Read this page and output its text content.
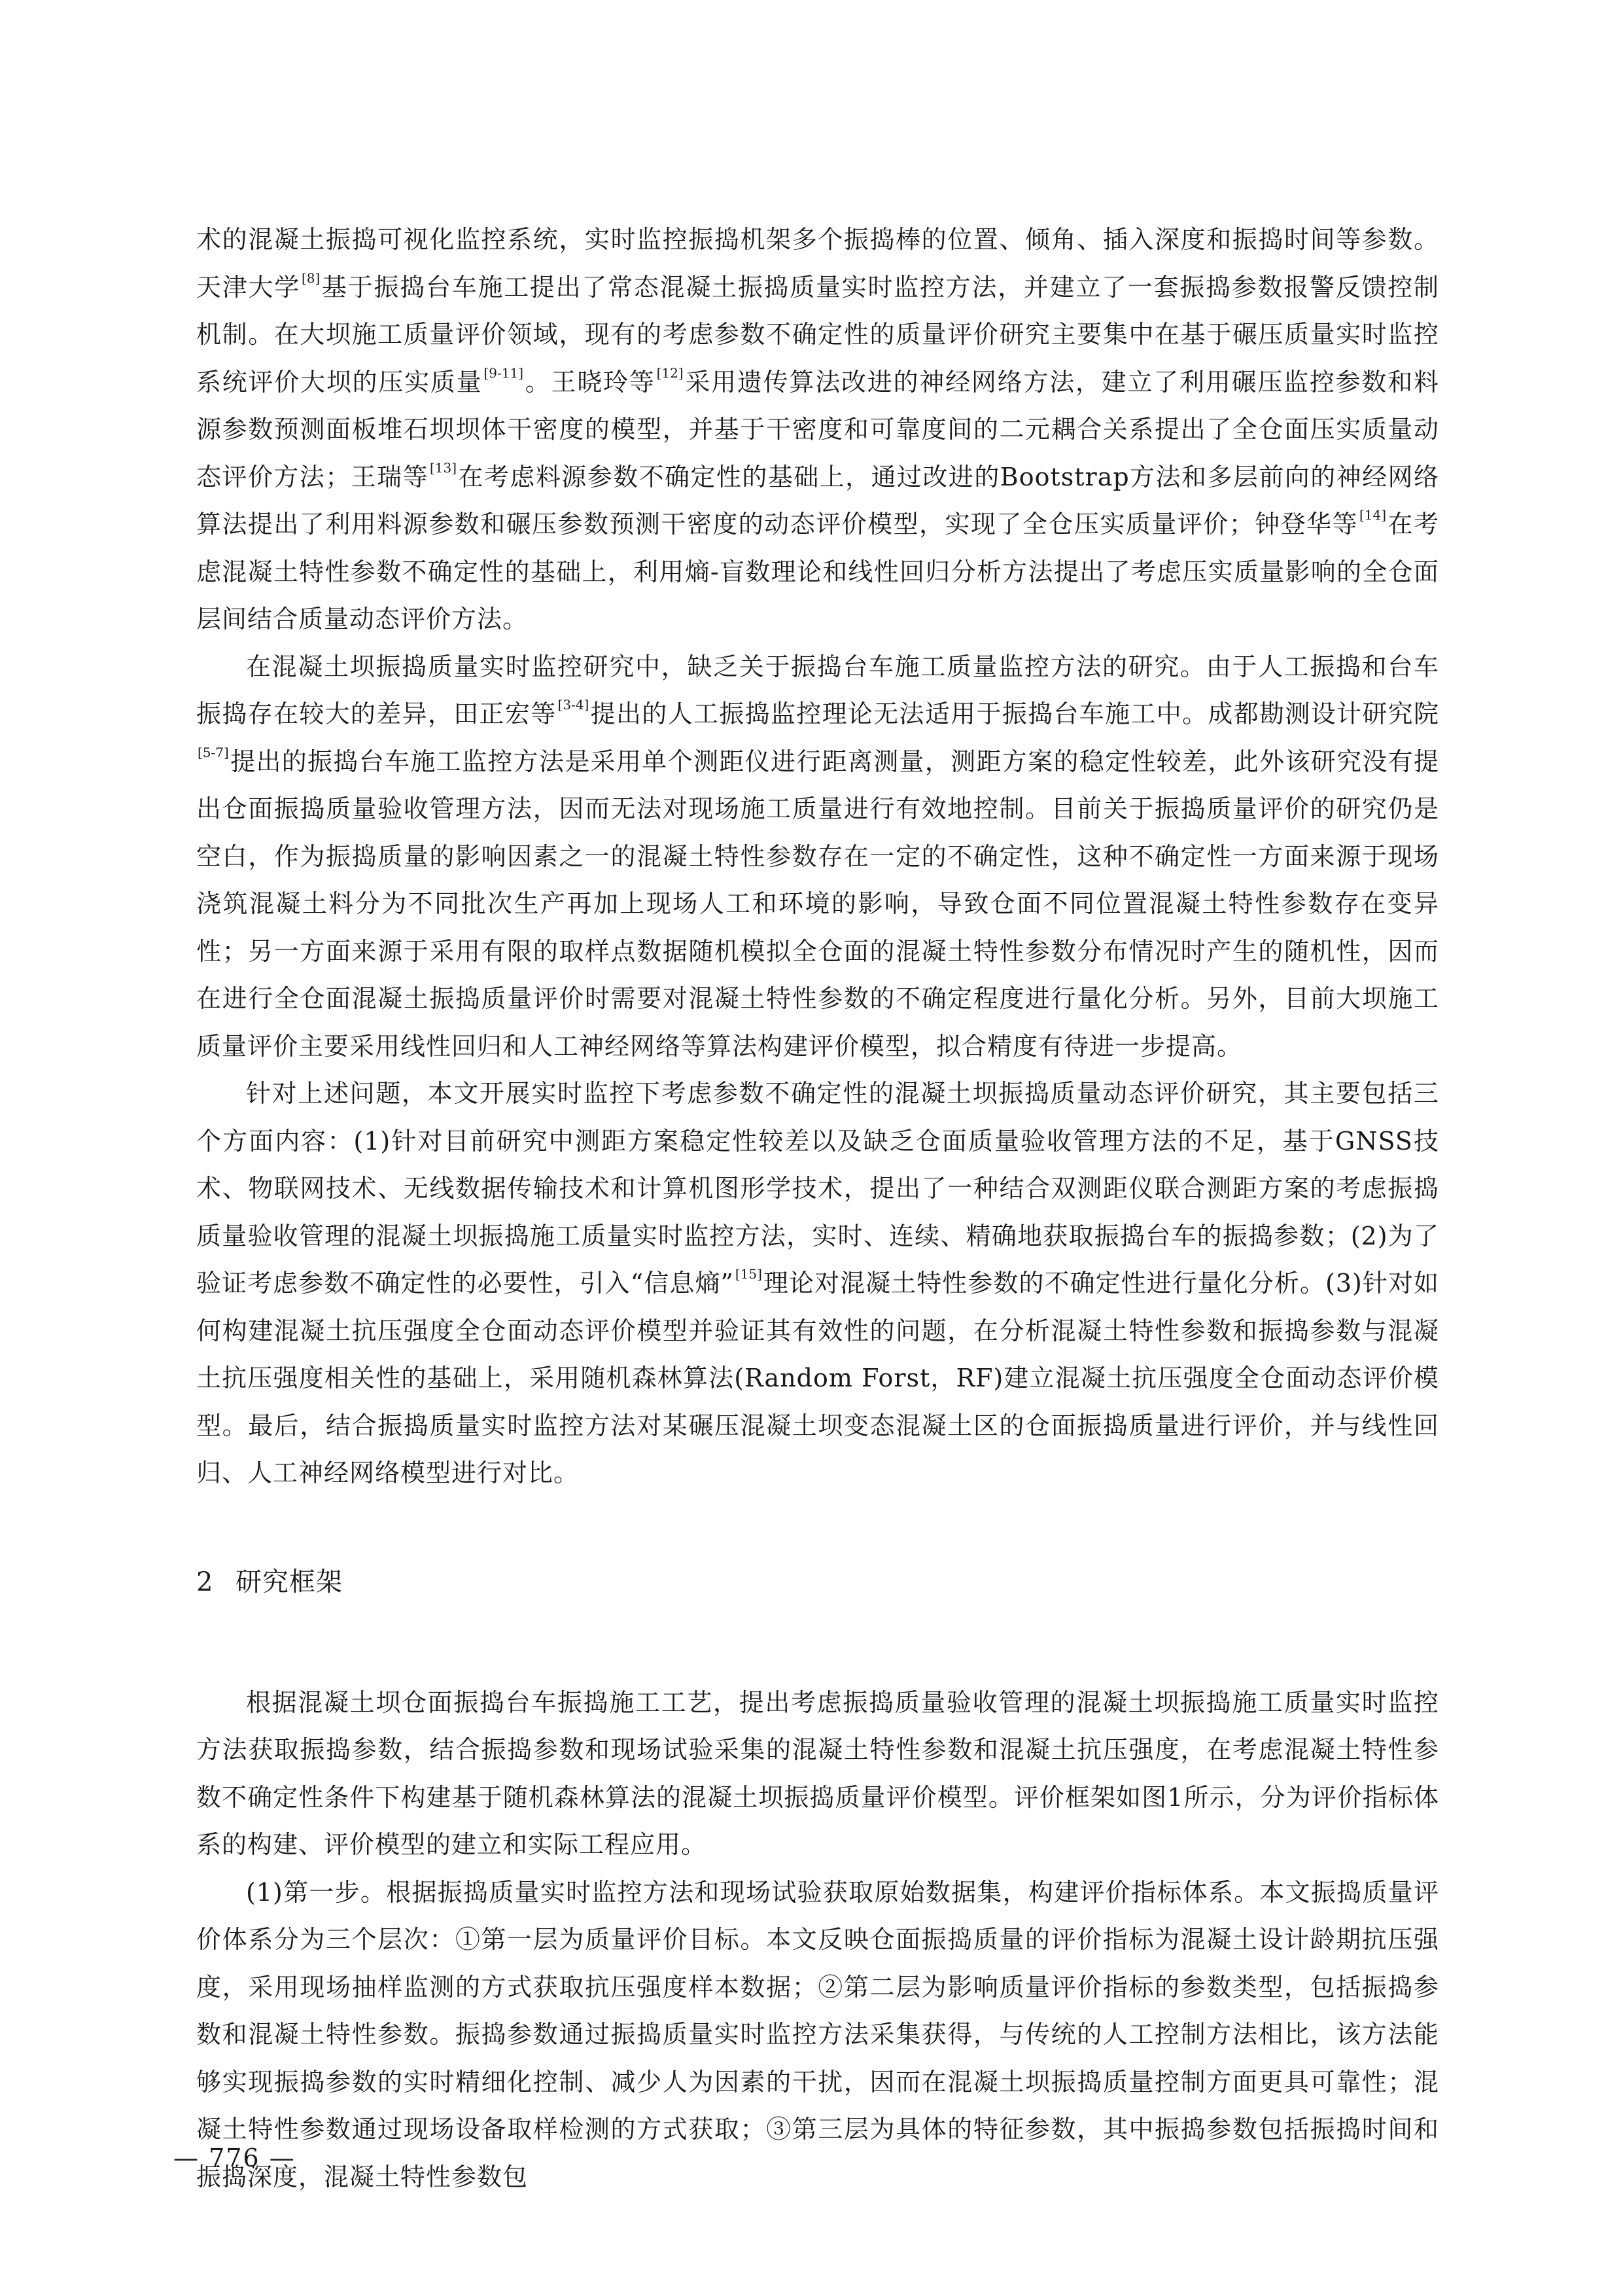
术的混凝土振捣可视化监控系统，实时监控振捣机架多个振捣棒的位置、倾角、插入深度和振捣时间等参数。天津大学 [8]基于振捣台车施工提出了常态混凝土振捣质量实时监控方法，并建立了一套振捣参数报警反馈控制机制。在大坝施工质量评价领域，现有的考虑参数不确定性的质量评价研究主要集中在基于碾压质量实时监控系统评价大坝的压实质量 [9-11]。王晓玲等 [12]采用遗传算法改进的神经网络方法，建立了利用碾压监控参数和料源参数预测面板堆石坝坝体干密度的模型，并基于干密度和可靠度间的二元耦合关系提出了全仓面压实质量动态评价方法；王瑞等 [13]在考虑料源参数不确定性的基础上，通过改进的Bootstrap方法和多层前向的神经网络算法提出了利用料源参数和碾压参数预测干密度的动态评价模型，实现了全仓压实质量评价；钟登华等 [14]在考虑混凝土特性参数不确定性的基础上，利用熵-盲数理论和线性回归分析方法提出了考虑压实质量影响的全仓面层间结合质量动态评价方法。

在混凝土坝振捣质量实时监控研究中，缺乏关于振捣台车施工质量监控方法的研究。由于人工振捣和台车振捣存在较大的差异，田正宏等 [3-4]提出的人工振捣监控理论无法适用于振捣台车施工中。成都勘测设计研究院[5-7]提出的振捣台车施工监控方法是采用单个测距仪进行距离测量，测距方案的稳定性较差，此外该研究没有提出仓面振捣质量验收管理方法，因而无法对现场施工质量进行有效地控制。目前关于振捣质量评价的研究仍是空白，作为振捣质量的影响因素之一的混凝土特性参数存在一定的不确定性，这种不确定性一方面来源于现场浇筑混凝土料分为不同批次生产再加上现场人工和环境的影响，导致仓面不同位置混凝土特性参数存在变异性；另一方面来源于采用有限的取样点数据随机模拟全仓面的混凝土特性参数分布情况时产生的随机性，因而在进行全仓面混凝土振捣质量评价时需要对混凝土特性参数的不确定程度进行量化分析。另外，目前大坝施工质量评价主要采用线性回归和人工神经网络等算法构建评价模型，拟合精度有待进一步提高。

针对上述问题，本文开展实时监控下考虑参数不确定性的混凝土坝振捣质量动态评价研究，其主要包括三个方面内容：(1)针对目前研究中测距方案稳定性较差以及缺乏仓面质量验收管理方法的不足，基于GNSS技术、物联网技术、无线数据传输技术和计算机图形学技术，提出了一种结合双测距仪联合测距方案的考虑振捣质量验收管理的混凝土坝振捣施工质量实时监控方法，实时、连续、精确地获取振捣台车的振捣参数；(2)为了验证考虑参数不确定性的必要性，引入“信息熵” [15]理论对混凝土特性参数的不确定性进行量化分析。(3)针对如何构建混凝土抗压强度全仓面动态评价模型并验证其有效性的问题，在分析混凝土特性参数和振捣参数与混凝土抗压强度相关性的基础上，采用随机森林算法(Random Forst，RF)建立混凝土抗压强度全仓面动态评价模型。最后，结合振捣质量实时监控方法对某碾压混凝土坝变态混凝土区的仓面振捣质量进行评价，并与线性回归、人工神经网络模型进行对比。

2 研究框架

根据混凝土坝仓面振捣台车振捣施工工艺，提出考虑振捣质量验收管理的混凝土坝振捣施工质量实时监控方法获取振捣参数，结合振捣参数和现场试验采集的混凝土特性参数和混凝土抗压强度，在考虑混凝土特性参数不确定性条件下构建基于随机森林算法的混凝土坝振捣质量评价模型。评价框架如图1所示，分为评价指标体系的构建、评价模型的建立和实际工程应用。

(1)第一步。根据振捣质量实时监控方法和现场试验获取原始数据集，构建评价指标体系。本文振捣质量评价体系分为三个层次：①第一层为质量评价目标。本文反映仓面振捣质量的评价指标为混凝土设计龄期抗压强度，采用现场抽样监测的方式获取抗压强度样本数据；②第二层为影响质量评价指标的参数类型，包括振捣参数和混凝土特性参数。振捣参数通过振捣质量实时监控方法采集获得，与传统的人工控制方法相比，该方法能够实现振捣参数的实时精细化控制、减少人为因素的干扰，因而在混凝土坝振捣质量控制方面更具可靠性；混凝土特性参数通过现场设备取样检测的方式获取；③第三层为具体的特征参数，其中振捣参数包括振捣时间和振捣深度，混凝土特性参数包

— 776 —
